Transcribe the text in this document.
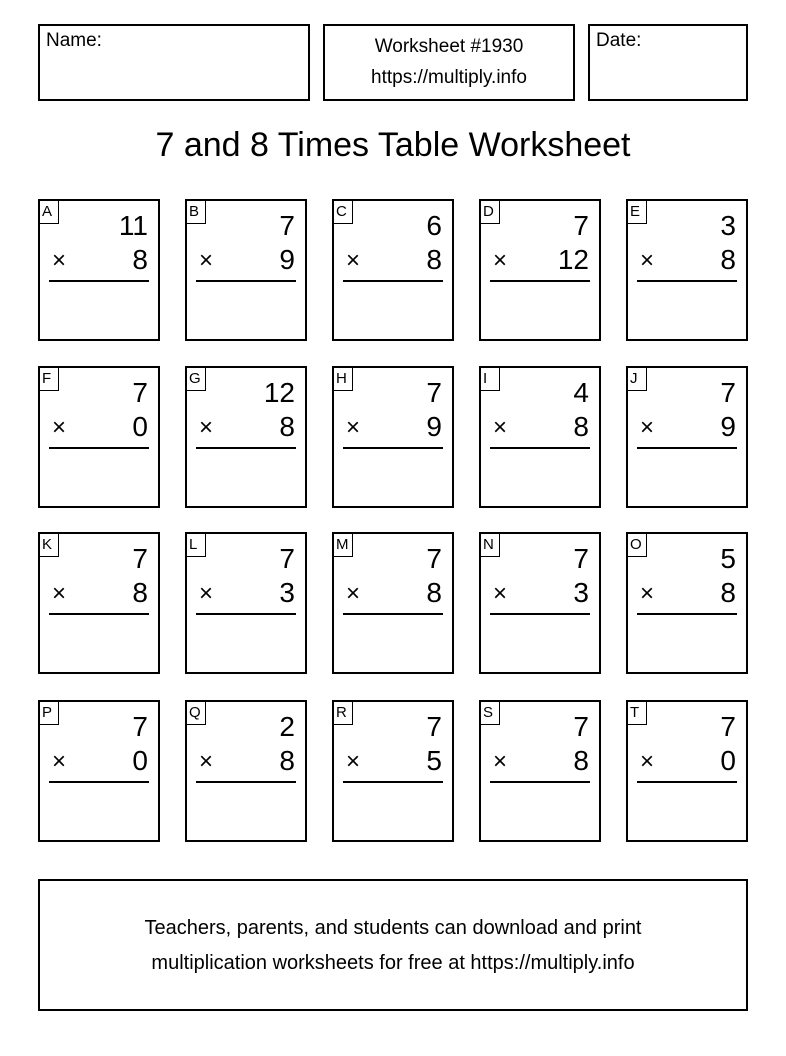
Name:	Worksheet #1930
https://multiply.info
Date:
7 and 8 Times Table Worksheet
A 11
× 8
B	7
× 9
C	6
× 8
D	7
× 12
E	3
× 8
F	7
× 0
G 12
× 8
H	7
× 9
I	4
× 8
J	7
× 9
K	7
× 8
L	7
× 3
M	7
× 8
N	7
× 3
O	5
× 8
P	7
× 0
Q	2
× 8
R	7
× 5
S	7
× 8
T	7
× 0
Teachers, parents, and students can download and print
multiplication worksheets for free at https://multiply.info
